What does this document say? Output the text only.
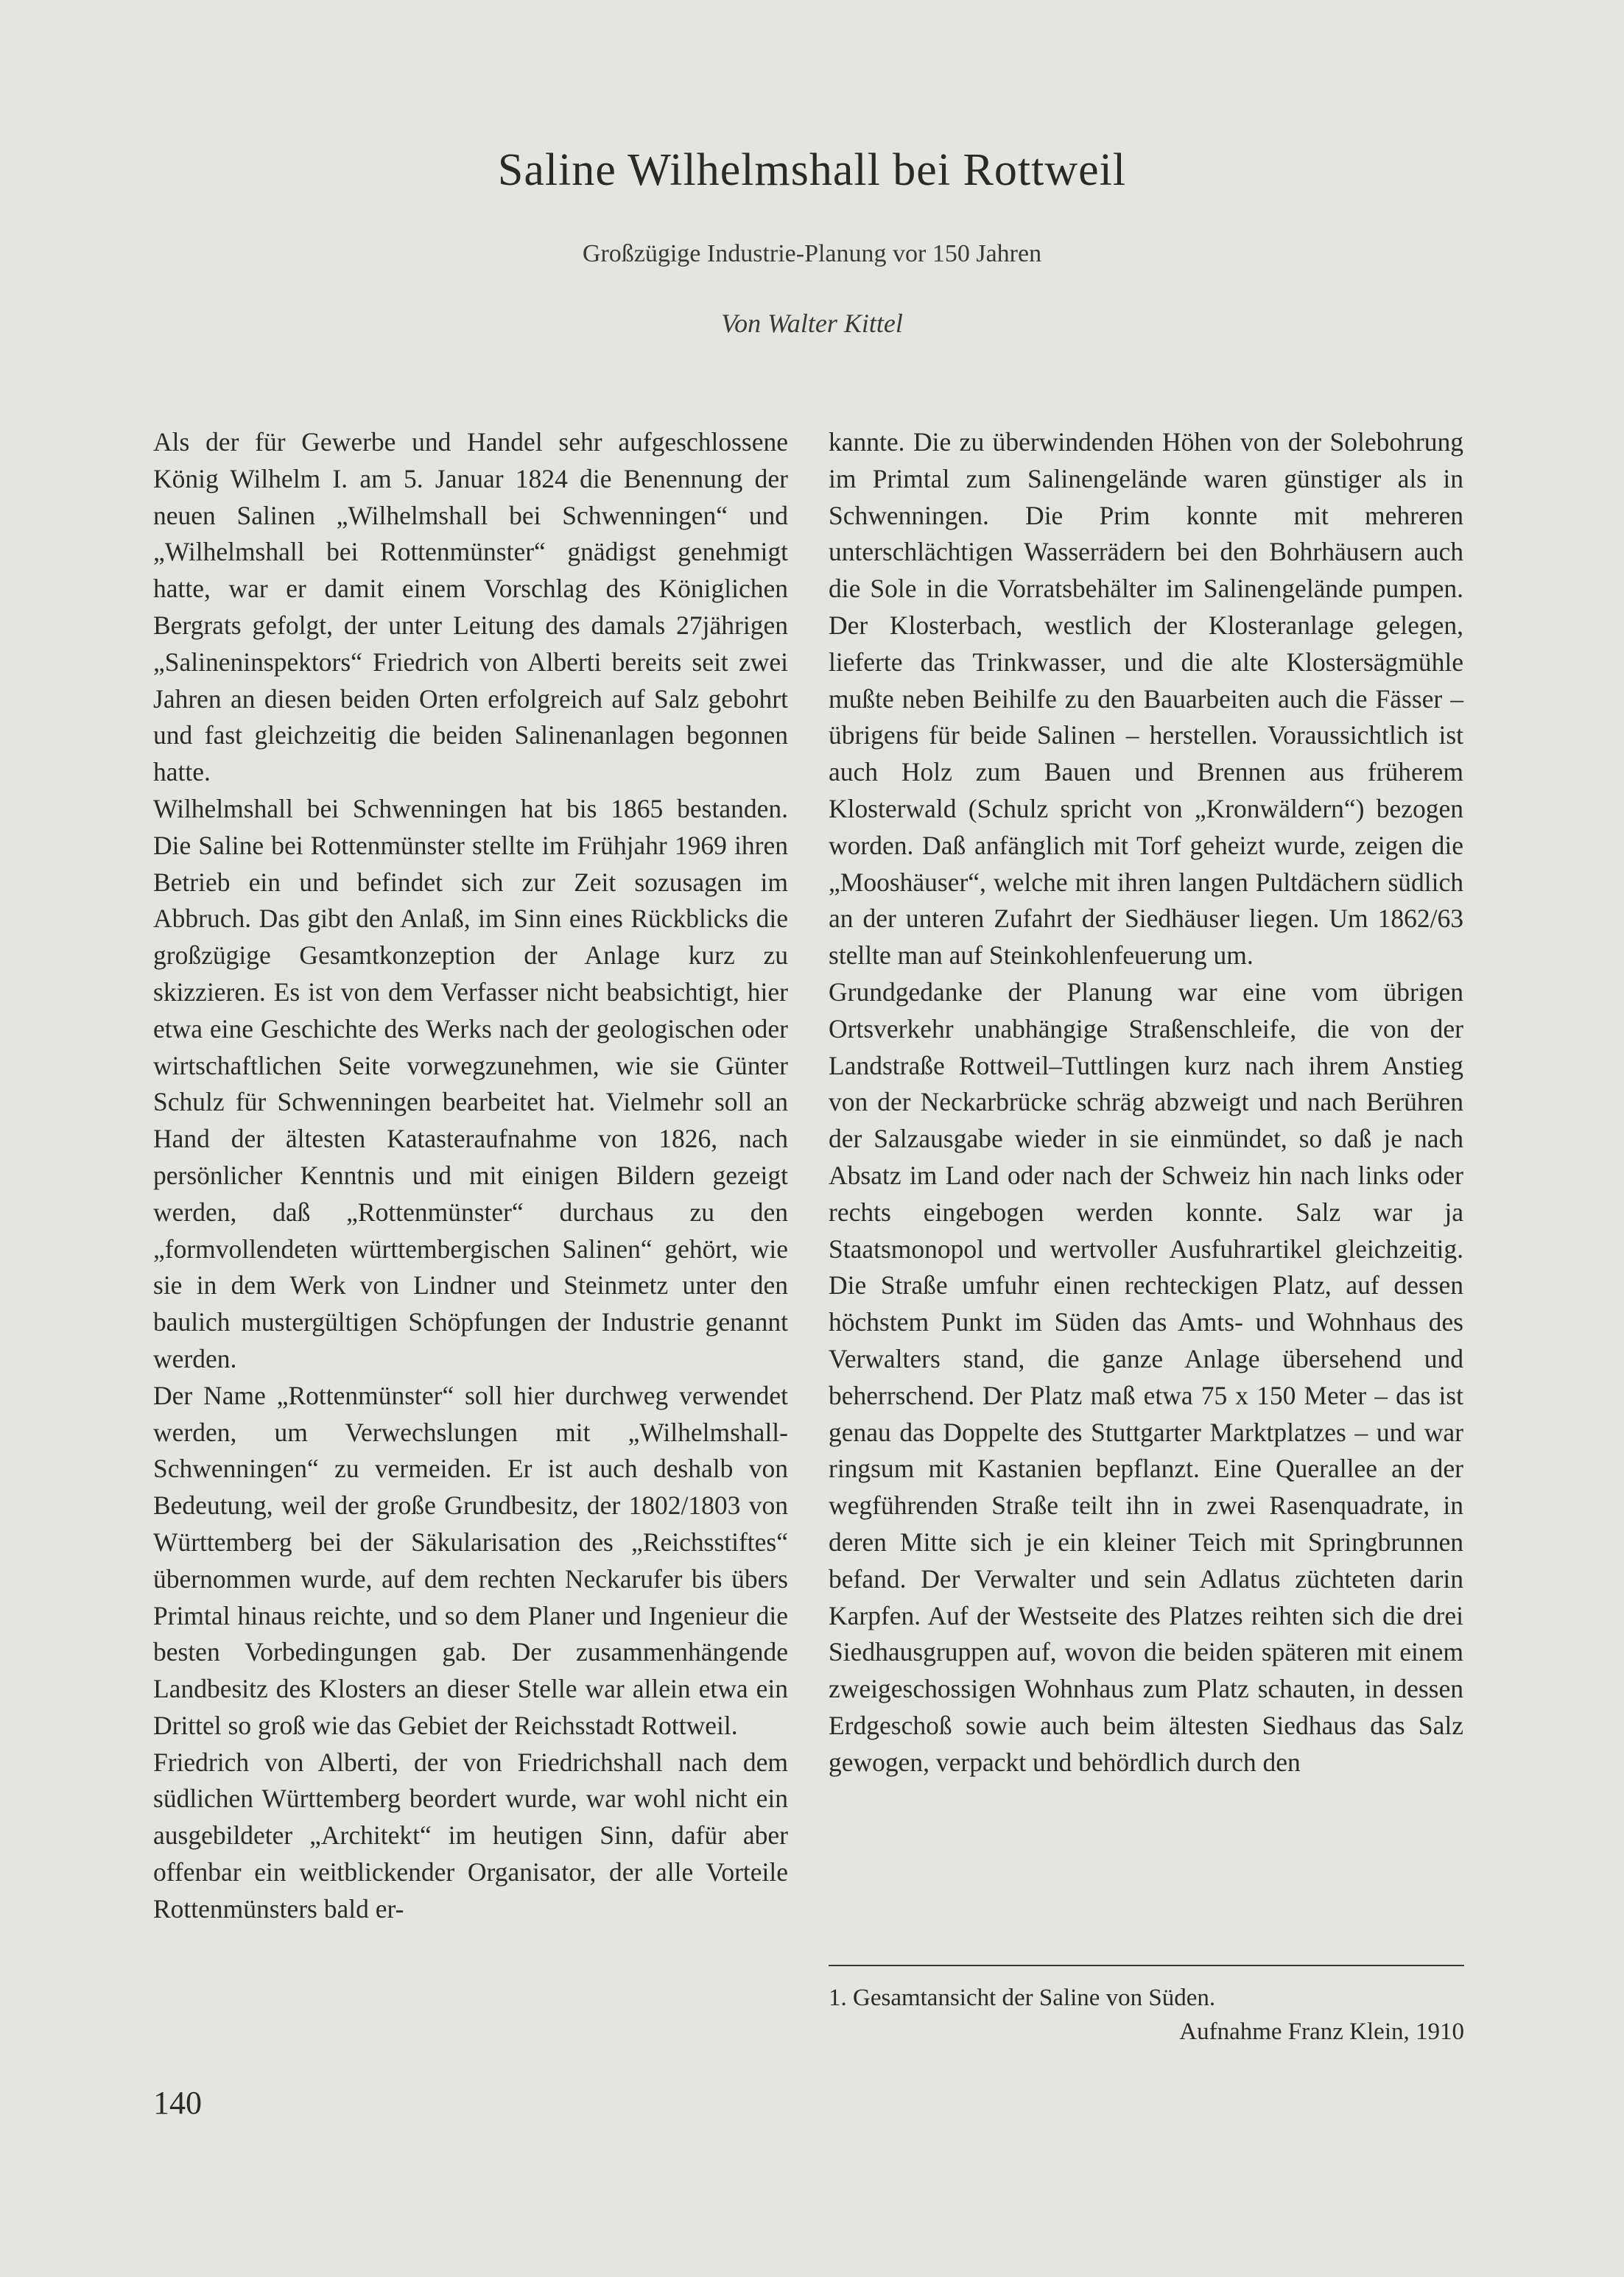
Saline Wilhelmshall bei Rottweil
Großzügige Industrie-Planung vor 150 Jahren
Von Walter Kittel

Als der für Gewerbe und Handel sehr aufgeschlossene König Wilhelm I. am 5. Januar 1824 die Benennung der neuen Salinen „Wilhelmshall bei Schwenningen“ und „Wilhelmshall bei Rottenmünster“ gnädigst genehmigt hatte, war er damit einem Vorschlag des Königlichen Bergrats gefolgt, der unter Leitung des damals 27jährigen „Salineninspektors“ Friedrich von Alberti bereits seit zwei Jahren an diesen beiden Orten erfolgreich auf Salz gebohrt und fast gleichzeitig die beiden Salinenanlagen begonnen hatte.

Wilhelmshall bei Schwenningen hat bis 1865 bestanden. Die Saline bei Rottenmünster stellte im Frühjahr 1969 ihren Betrieb ein und befindet sich zur Zeit sozusagen im Abbruch. Das gibt den Anlaß, im Sinn eines Rückblicks die großzügige Gesamtkonzeption der Anlage kurz zu skizzieren. Es ist von dem Verfasser nicht beabsichtigt, hier etwa eine Geschichte des Werks nach der geologischen oder wirtschaftlichen Seite vorwegzunehmen, wie sie Günter Schulz für Schwenningen bearbeitet hat. Vielmehr soll an Hand der ältesten Katasteraufnahme von 1826, nach persönlicher Kenntnis und mit einigen Bildern gezeigt werden, daß „Rottenmünster“ durchaus zu den „formvollendeten württembergischen Salinen“ gehört, wie sie in dem Werk von Lindner und Steinmetz unter den baulich mustergültigen Schöpfungen der Industrie genannt werden.

Der Name „Rottenmünster“ soll hier durchweg verwendet werden, um Verwechslungen mit „Wilhelmshall-Schwenningen“ zu vermeiden. Er ist auch deshalb von Bedeutung, weil der große Grundbesitz, der 1802/1803 von Württemberg bei der Säkularisation des „Reichsstiftes“ übernommen wurde, auf dem rechten Neckarufer bis übers Primtal hinaus reichte, und so dem Planer und Ingenieur die besten Vorbedingungen gab. Der zusammenhängende Landbesitz des Klosters an dieser Stelle war allein etwa ein Drittel so groß wie das Gebiet der Reichsstadt Rottweil.

Friedrich von Alberti, der von Friedrichshall nach dem südlichen Württemberg beordert wurde, war wohl nicht ein ausgebildeter „Architekt“ im heutigen Sinn, dafür aber offenbar ein weitblickender Organisator, der alle Vorteile Rottenmünsters bald er-

kannte. Die zu überwindenden Höhen von der Solebohrung im Primtal zum Salinengelände waren günstiger als in Schwenningen. Die Prim konnte mit mehreren unterschlächtigen Wasserrädern bei den Bohrhäusern auch die Sole in die Vorratsbehälter im Salinengelände pumpen. Der Klosterbach, westlich der Klosteranlage gelegen, lieferte das Trinkwasser, und die alte Klostersägmühle mußte neben Beihilfe zu den Bauarbeiten auch die Fässer – übrigens für beide Salinen – herstellen. Voraussichtlich ist auch Holz zum Bauen und Brennen aus früherem Klosterwald (Schulz spricht von „Kronwäldern“) bezogen worden. Daß anfänglich mit Torf geheizt wurde, zeigen die „Mooshäuser“, welche mit ihren langen Pultdächern südlich an der unteren Zufahrt der Siedhäuser liegen. Um 1862/63 stellte man auf Steinkohlenfeuerung um.

Grundgedanke der Planung war eine vom übrigen Ortsverkehr unabhängige Straßenschleife, die von der Landstraße Rottweil–Tuttlingen kurz nach ihrem Anstieg von der Neckarbrücke schräg abzweigt und nach Berühren der Salzausgabe wieder in sie einmündet, so daß je nach Absatz im Land oder nach der Schweiz hin nach links oder rechts eingebogen werden konnte. Salz war ja Staatsmonopol und wertvoller Ausfuhrartikel gleichzeitig. Die Straße umfuhr einen rechteckigen Platz, auf dessen höchstem Punkt im Süden das Amts- und Wohnhaus des Verwalters stand, die ganze Anlage übersehend und beherrschend. Der Platz maß etwa 75 x 150 Meter – das ist genau das Doppelte des Stuttgarter Marktplatzes – und war ringsum mit Kastanien bepflanzt. Eine Querallee an der wegführenden Straße teilt ihn in zwei Rasenquadrate, in deren Mitte sich je ein kleiner Teich mit Springbrunnen befand. Der Verwalter und sein Adlatus züchteten darin Karpfen. Auf der Westseite des Platzes reihten sich die drei Siedhausgruppen auf, wovon die beiden späteren mit einem zweigeschossigen Wohnhaus zum Platz schauten, in dessen Erdgeschoß sowie auch beim ältesten Siedhaus das Salz gewogen, verpackt und behördlich durch den

1. Gesamtansicht der Saline von Süden.
Aufnahme Franz Klein, 1910
140
